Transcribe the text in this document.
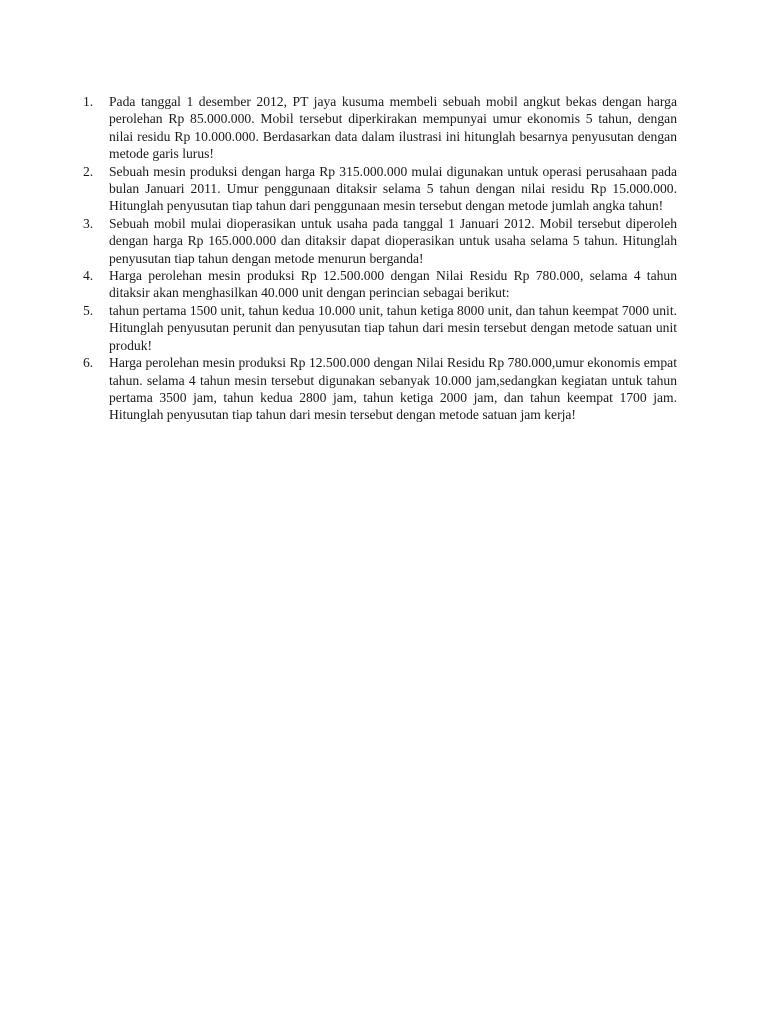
1.	Pada tanggal 1 desember 2012, PT jaya kusuma membeli sebuah mobil angkut bekas dengan harga perolehan Rp 85.000.000. Mobil tersebut diperkirakan mempunyai umur ekonomis 5 tahun, dengan nilai residu Rp 10.000.000. Berdasarkan data dalam ilustrasi ini hitunglah besarnya penyusutan dengan metode garis lurus!
2.	Sebuah mesin produksi dengan harga Rp 315.000.000 mulai digunakan untuk operasi perusahaan pada bulan Januari 2011. Umur penggunaan ditaksir selama 5 tahun dengan nilai residu Rp 15.000.000. Hitunglah penyusutan tiap tahun dari penggunaan mesin tersebut dengan metode jumlah angka tahun!
3.	Sebuah mobil mulai dioperasikan untuk usaha pada tanggal 1 Januari 2012. Mobil tersebut diperoleh dengan harga Rp 165.000.000 dan ditaksir dapat dioperasikan untuk usaha selama 5 tahun. Hitunglah penyusutan tiap tahun dengan metode menurun berganda!
4.	Harga perolehan mesin produksi Rp 12.500.000 dengan Nilai Residu Rp 780.000, selama 4 tahun ditaksir akan menghasilkan 40.000 unit dengan perincian sebagai berikut:
5.	tahun pertama 1500 unit, tahun kedua 10.000 unit, tahun ketiga 8000 unit, dan tahun keempat 7000 unit. Hitunglah penyusutan perunit dan penyusutan tiap tahun dari mesin tersebut dengan metode satuan unit produk!
6.	Harga perolehan mesin produksi Rp 12.500.000 dengan Nilai Residu Rp 780.000,umur ekonomis empat tahun. selama 4 tahun mesin tersebut digunakan sebanyak 10.000 jam,sedangkan kegiatan untuk tahun pertama 3500 jam, tahun kedua 2800 jam, tahun ketiga 2000 jam, dan tahun keempat 1700 jam. Hitunglah penyusutan tiap tahun dari mesin tersebut dengan metode satuan jam kerja!
